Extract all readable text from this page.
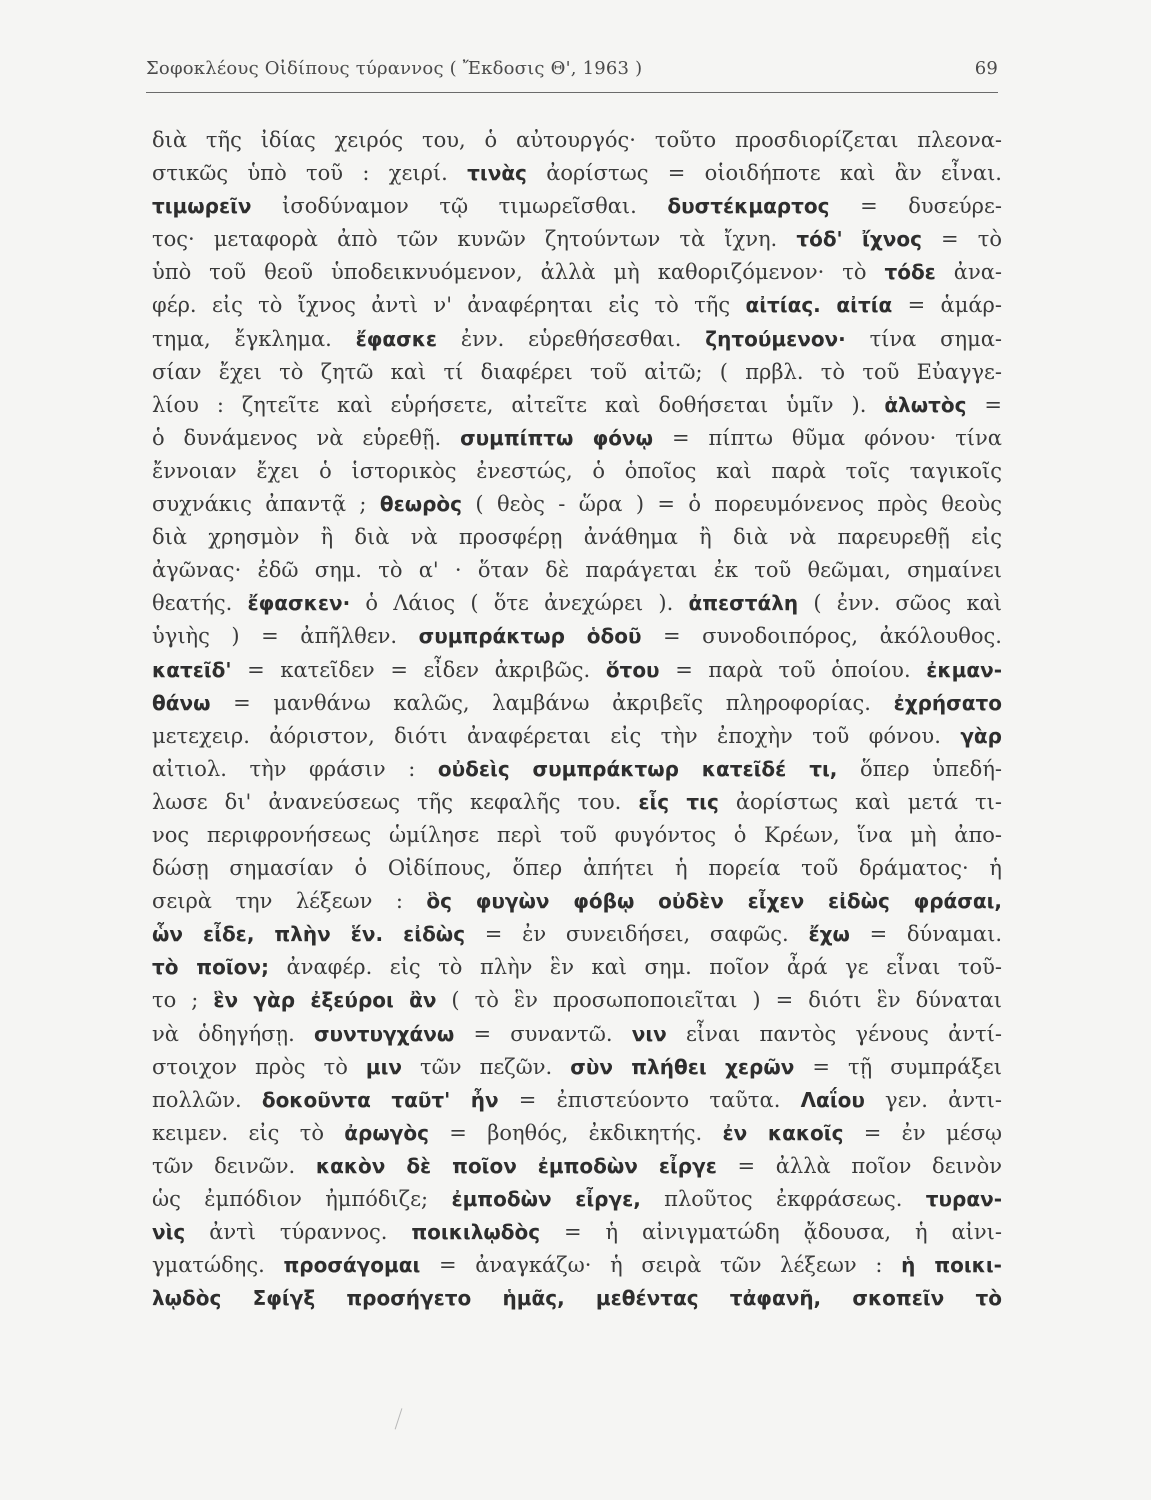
Σοφοκλέους Οἰδίπους τύραννος ( Ἔκδοσις Θ', 1963 )	69
διὰ τῆς ἰδίας χειρός του, ὁ αὐτουργός· τοῦτο προσδιορίζεται πλεονα-
στικῶς ὑπὸ τοῦ : χειρί. τινὰς ἀορίστως = οἱοιδήποτε καὶ ἂν εἶναι.
τιμωρεῖν ἰσοδύναμον τῷ τιμωρεῖσθαι. δυστέκμαρτος = δυσεύρε-
τος· μεταφορὰ ἀπὸ τῶν κυνῶν ζητούντων τὰ ἴχνη. τόδ' ἴχνος = τὸ
ὑπὸ τοῦ θεοῦ ὑποδεικνυόμενον, ἀλλὰ μὴ καθοριζόμενον· τὸ τόδε ἀνα-
φέρ. εἰς τὸ ἴχνος ἀντὶ ν' ἀναφέρηται εἰς τὸ τῆς αἰτίας. αἰτία = ἁμάρ-
τημα, ἔγκλημα. ἔφασκε ἐνν. εὑρεθήσεσθαι. ζητούμενον· τίνα σημα-
σίαν ἔχει τὸ ζητῶ καὶ τί διαφέρει τοῦ αἰτῶ; ( πρβλ. τὸ τοῦ Εὐαγγε-
λίου : ζητεῖτε καὶ εὑρήσετε, αἰτεῖτε καὶ δοθήσεται ὑμῖν ). ἁλωτὸς =
ὁ δυνάμενος νὰ εὑρεθῇ. συμπίπτω φόνῳ = πίπτω θῦμα φόνου· τίνα
ἔννοιαν ἔχει ὁ ἱστορικὸς ἐνεστώς, ὁ ὁποῖος καὶ παρὰ τοῖς ταγικοῖς
συχνάκις ἀπαντᾷ ; θεωρὸς ( θεὸς - ὥρα ) = ὁ πορευμόνενος πρὸς θεοὺς
διὰ χρησμὸν ἢ διὰ νὰ προσφέρῃ ἀνάθημα ἢ διὰ νὰ παρευρεθῇ εἰς
ἀγῶνας· ἐδῶ σημ. τὸ α' · ὅταν δὲ παράγεται ἐκ τοῦ θεῶμαι, σημαίνει
θεατής. ἔφασκεν· ὁ Λάιος ( ὅτε ἀνεχώρει ). ἀπεστάλη ( ἐνν. σῶος καὶ
ὑγιὴς ) = ἀπῆλθεν. συμπράκτωρ ὁδοῦ = συνοδοιπόρος, ἀκόλουθος.
κατεῖδ' = κατεῖδεν = εἶδεν ἀκριβῶς. ὅτου = παρὰ τοῦ ὁποίου. ἐκμαν-
θάνω = μανθάνω καλῶς, λαμβάνω ἀκριβεῖς πληροφορίας. ἐχρήσατο
μετεχειρ. ἀόριστον, διότι ἀναφέρεται εἰς τὴν ἐποχὴν τοῦ φόνου. γὰρ
αἰτιολ. τὴν φράσιν : οὐδεὶς συμπράκτωρ κατεῖδέ τι, ὅπερ ὑπεδή-
λωσε δι' ἀνανεύσεως τῆς κεφαλῆς του. εἷς τις ἀορίστως καὶ μετά τι-
νος περιφρονήσεως ὡμίλησε περὶ τοῦ φυγόντος ὁ Κρέων, ἵνα μὴ ἀπο-
δώσῃ σημασίαν ὁ Οἰδίπους, ὅπερ ἀπήτει ἡ πορεία τοῦ δράματος· ἡ
σειρὰ την λέξεων : ὃς φυγὼν φόβῳ οὐδὲν εἶχεν εἰδὼς φράσαι,
ὧν εἶδε, πλὴν ἕν. εἰδὼς = ἐν συνειδήσει, σαφῶς. ἔχω = δύναμαι.
τὸ ποῖον; ἀναφέρ. εἰς τὸ πλὴν ἓν καὶ σημ. ποῖον ἆρά γε εἶναι τοῦ-
το ; ἓν γὰρ ἐξεύροι ἂν ( τὸ ἓν προσωποποιεῖται ) = διότι ἓν δύναται
νὰ ὁδηγήσῃ. συντυγχάνω = συναντῶ. νιν εἶναι παντὸς γένους ἀντί-
στοιχον πρὸς τὸ μιν τῶν πεζῶν. σὺν πλήθει χερῶν = τῇ συμπράξει
πολλῶν. δοκοῦντα ταῦτ' ἦν = ἐπιστεύοντο ταῦτα. Λαΐου γεν. ἀντι-
κειμεν. εἰς τὸ ἀρωγὸς = βοηθός, ἐκδικητής. ἐν κακοῖς = ἐν μέσῳ
τῶν δεινῶν. κακὸν δὲ ποῖον ἐμποδὼν εἶργε = ἀλλὰ ποῖον δεινὸν
ὡς ἐμπόδιον ἠμπόδιζε; ἐμποδὼν εἶργε, πλοῦτος ἐκφράσεως. τυραν-
νὶς ἀντὶ τύραννος. ποικιλῳδὸς = ἡ αἰνιγματώδη ᾄδουσα, ἡ αἰνι-
γματώδης. προσάγομαι = ἀναγκάζω· ἡ σειρὰ τῶν λέξεων : ἡ ποικι-
λῳδὸς Σφίγξ προσήγετο ἡμᾶς, μεθέντας τἀφανῆ, σκοπεῖν τὸ
